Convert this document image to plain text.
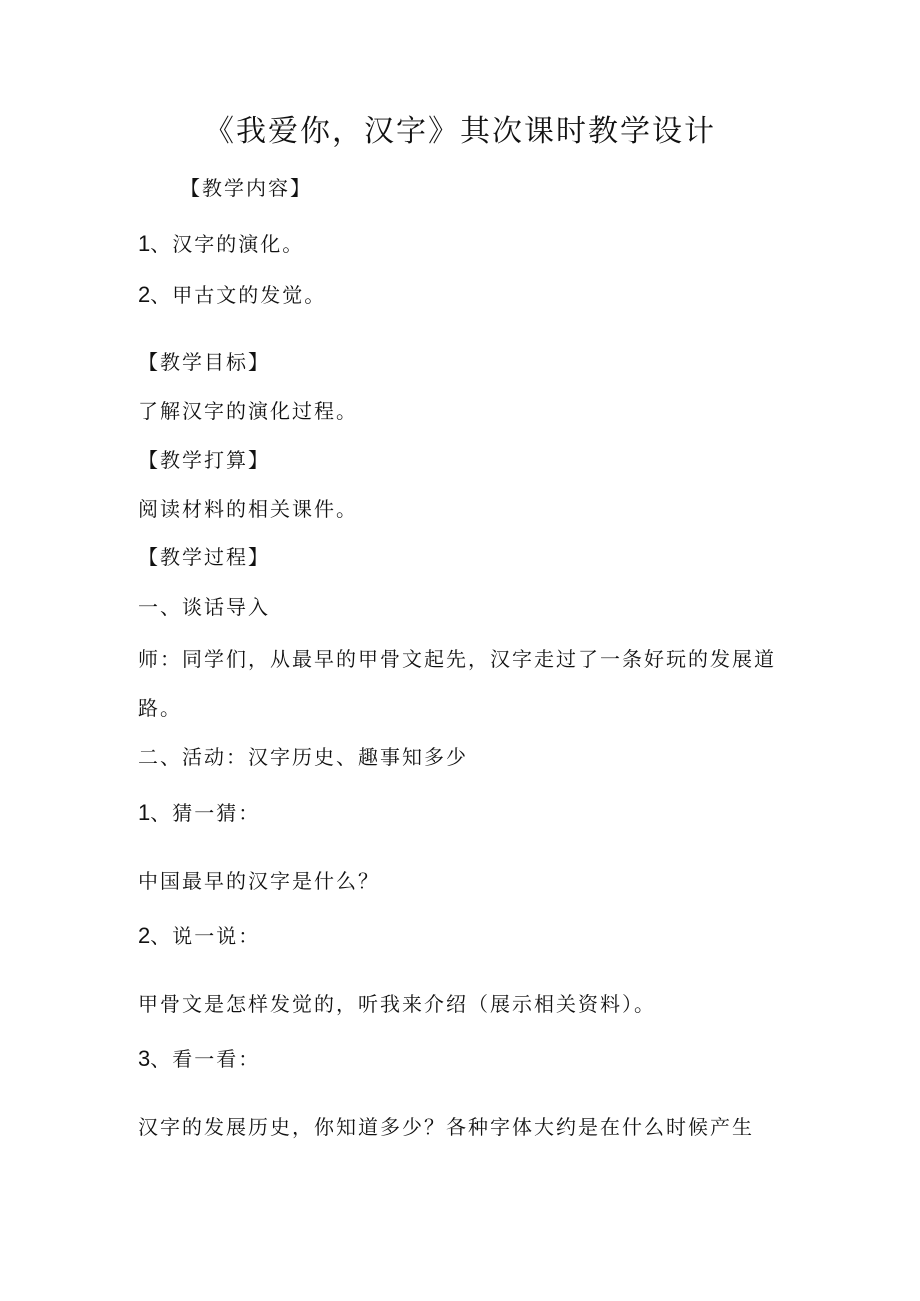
《我爱你，汉字》其次课时教学设计

【教学内容】

1、汉字的演化。

2、甲古文的发觉。

【教学目标】

了解汉字的演化过程。

【教学打算】

阅读材料的相关课件。

【教学过程】

一、谈话导入

师：同学们，从最早的甲骨文起先，汉字走过了一条好玩的发展道

路。

二、活动：汉字历史、趣事知多少

1、猜一猜：

中国最早的汉字是什么？

2、说一说：

甲骨文是怎样发觉的，听我来介绍（展示相关资料）。

3、看一看：

汉字的发展历史，你知道多少？各种字体大约是在什么时候产生
